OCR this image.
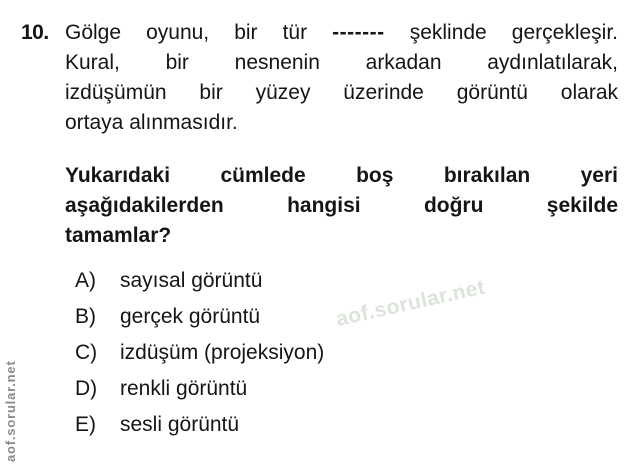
10. Gölge oyunu, bir tür ------- şeklinde gerçekleşir.
Kural, bir nesnenin arkadan aydınlatılarak,
izdüşümün bir yüzey üzerinde görüntü olarak
ortaya alınmasıdır.
Yukarıdaki cümlede boş bırakılan yeri
aşağıdakilerden hangisi doğru şekilde
tamamlar?
A)	sayısal görüntü
B)	gerçek görüntü
C)	izdüşüm (projeksiyon)
D)	renkli görüntü
E)	sesli görüntü
aof.sorular.net
aof.sorular.net
